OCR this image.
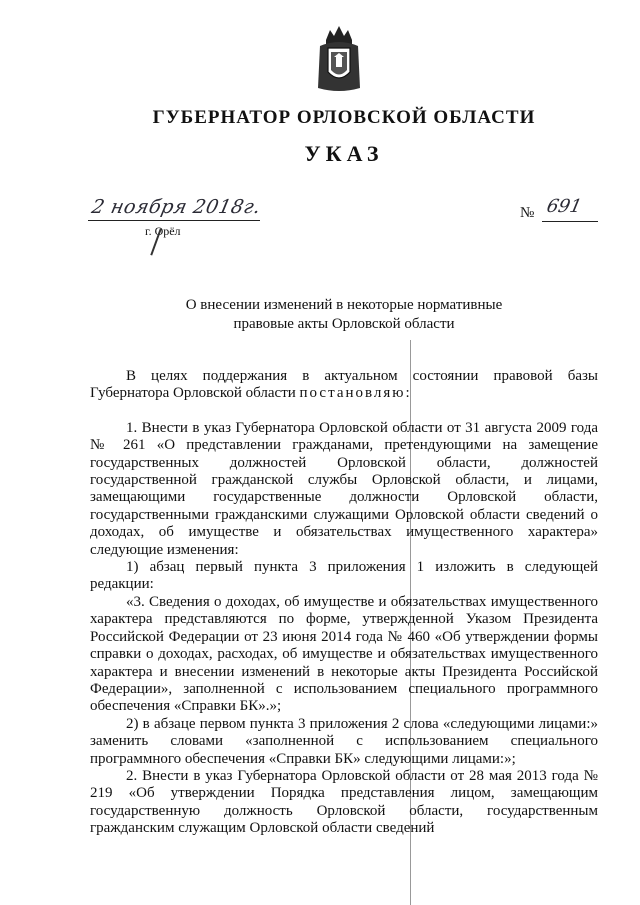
ГУБЕРНАТОР ОРЛОВСКОЙ ОБЛАСТИ
УКАЗ
2 ноября 2018г.
г. Орёл
№ 691
О внесении изменений в некоторые нормативные
правовые акты Орловской области

В целях поддержания в актуальном состоянии правовой базы Губернатора Орловской области постановляю:

1. Внести в указ Губернатора Орловской области от 31 августа 2009 года № 261 «О представлении гражданами, претендующими на замещение государственных должностей Орловской области, должностей государственной гражданской службы Орловской области, и лицами, замещающими государственные должности Орловской области, государственными гражданскими служащими Орловской области сведений о доходах, об имуществе и обязательствах имущественного характера» следующие изменения:

1) абзац первый пункта 3 приложения 1 изложить в следующей редакции:

«3. Сведения о доходах, об имуществе и обязательствах имущественного характера представляются по форме, утвержденной Указом Президента Российской Федерации от 23 июня 2014 года № 460 «Об утверждении формы справки о доходах, расходах, об имуществе и обязательствах имущественного характера и внесении изменений в некоторые акты Президента Российской Федерации», заполненной с использованием специального программного обеспечения «Справки БК».»;

2) в абзаце первом пункта 3 приложения 2 слова «следующими лицами:» заменить словами «заполненной с использованием специального программного обеспечения «Справки БК» следующими лицами:»;

2. Внести в указ Губернатора Орловской области от 28 мая 2013 года № 219 «Об утверждении Порядка представления лицом, замещающим государственную должность Орловской области, государственным гражданским служащим Орловской области сведений
